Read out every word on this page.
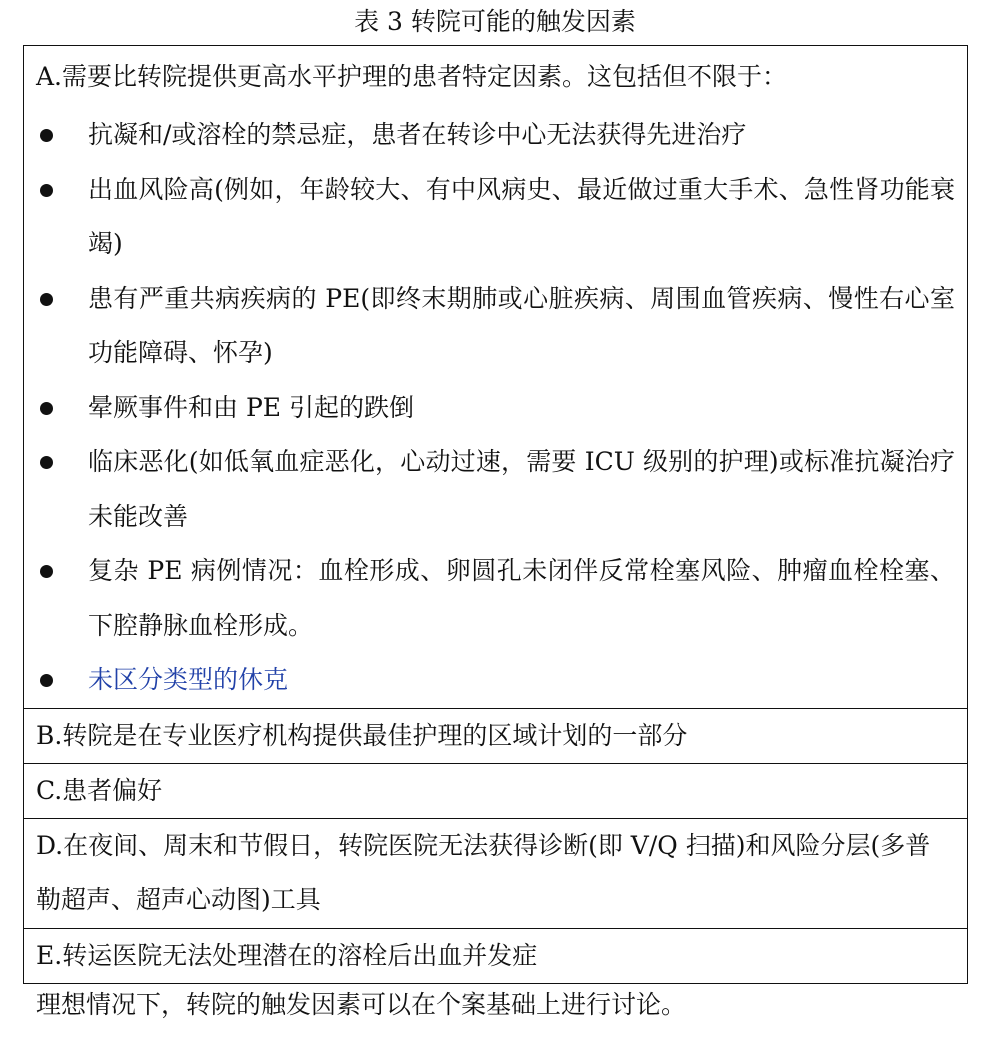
表 3 转院可能的触发因素
A.需要比转院提供更高水平护理的患者特定因素。这包括但不限于：
抗凝和/或溶栓的禁忌症，患者在转诊中心无法获得先进治疗
出血风险高(例如，年龄较大、有中风病史、最近做过重大手术、急性肾功能衰竭)
患有严重共病疾病的 PE(即终末期肺或心脏疾病、周围血管疾病、慢性右心室功能障碍、怀孕)
晕厥事件和由 PE 引起的跌倒
临床恶化(如低氧血症恶化，心动过速，需要 ICU 级别的护理)或标准抗凝治疗未能改善
复杂 PE 病例情况：血栓形成、卵圆孔未闭伴反常栓塞风险、肿瘤血栓栓塞、下腔静脉血栓形成。
未区分类型的休克
B.转院是在专业医疗机构提供最佳护理的区域计划的一部分
C.患者偏好
D.在夜间、周末和节假日，转院医院无法获得诊断(即 V/Q 扫描)和风险分层(多普勒超声、超声心动图)工具
E.转运医院无法处理潜在的溶栓后出血并发症
理想情况下，转院的触发因素可以在个案基础上进行讨论。
